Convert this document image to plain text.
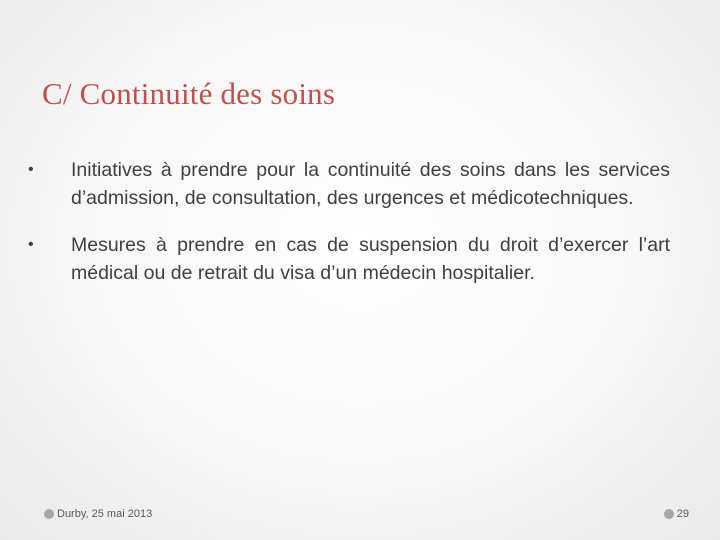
C/ Continuité des soins
•	Initiatives à prendre pour la continuité des soins dans les services d’admission, de consultation, des urgences et médicotechniques.
•	Mesures à prendre en cas de suspension du droit d’exercer l’art médical ou de retrait du visa d’un médecin hospitalier.
Durby, 25 mai 2013	29
